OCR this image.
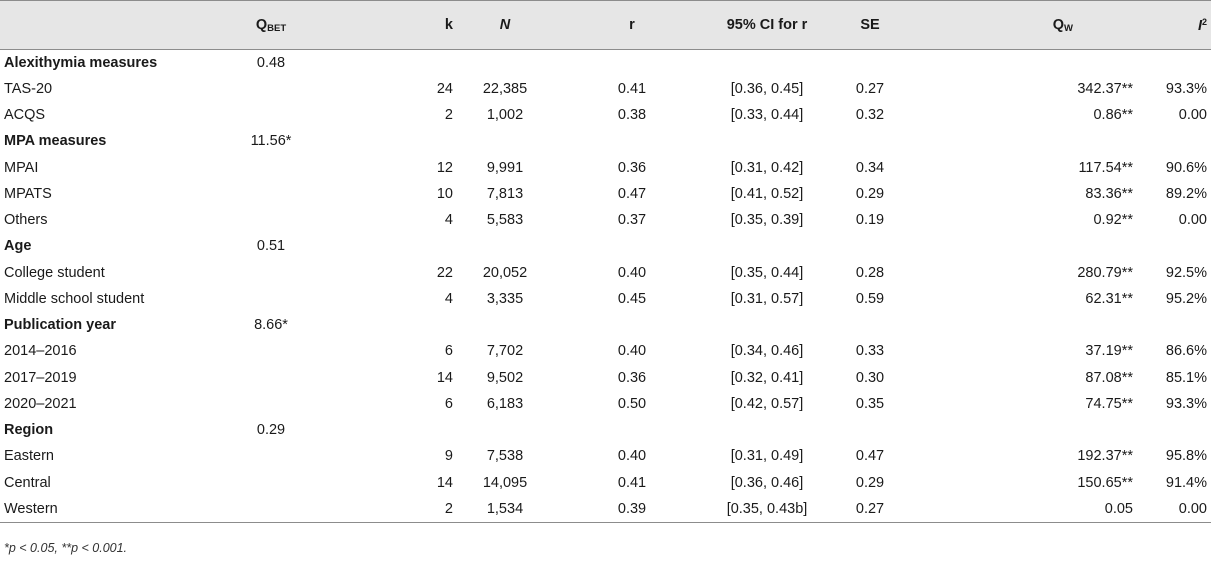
	$Q_{BET}$	k	N	r	95% CI for r	SE	$Q_W$	$I^2$
Alexithymia measures	0.48							
TAS-20		24	22,385	0.41	[0.36, 0.45]	0.27	342.37**	93.3%
ACQS		2	1,002	0.38	[0.33, 0.44]	0.32	0.86**	0.00
MPA measures	11.56*							
MPAI		12	9,991	0.36	[0.31, 0.42]	0.34	117.54**	90.6%
MPATS		10	7,813	0.47	[0.41, 0.52]	0.29	83.36**	89.2%
Others		4	5,583	0.37	[0.35, 0.39]	0.19	0.92**	0.00
Age	0.51							
College student		22	20,052	0.40	[0.35, 0.44]	0.28	280.79**	92.5%
Middle school student		4	3,335	0.45	[0.31, 0.57]	0.59	62.31**	95.2%
Publication year	8.66*							
2014–2016		6	7,702	0.40	[0.34, 0.46]	0.33	37.19**	86.6%
2017–2019		14	9,502	0.36	[0.32, 0.41]	0.30	87.08**	85.1%
2020–2021		6	6,183	0.50	[0.42, 0.57]	0.35	74.75**	93.3%
Region	0.29							
Eastern		9	7,538	0.40	[0.31, 0.49]	0.47	192.37**	95.8%
Central		14	14,095	0.41	[0.36, 0.46]	0.29	150.65**	91.4%
Western		2	1,534	0.39	[0.35, 0.43b]	0.27	0.05	0.00
*p < 0.05, **p < 0.001.
